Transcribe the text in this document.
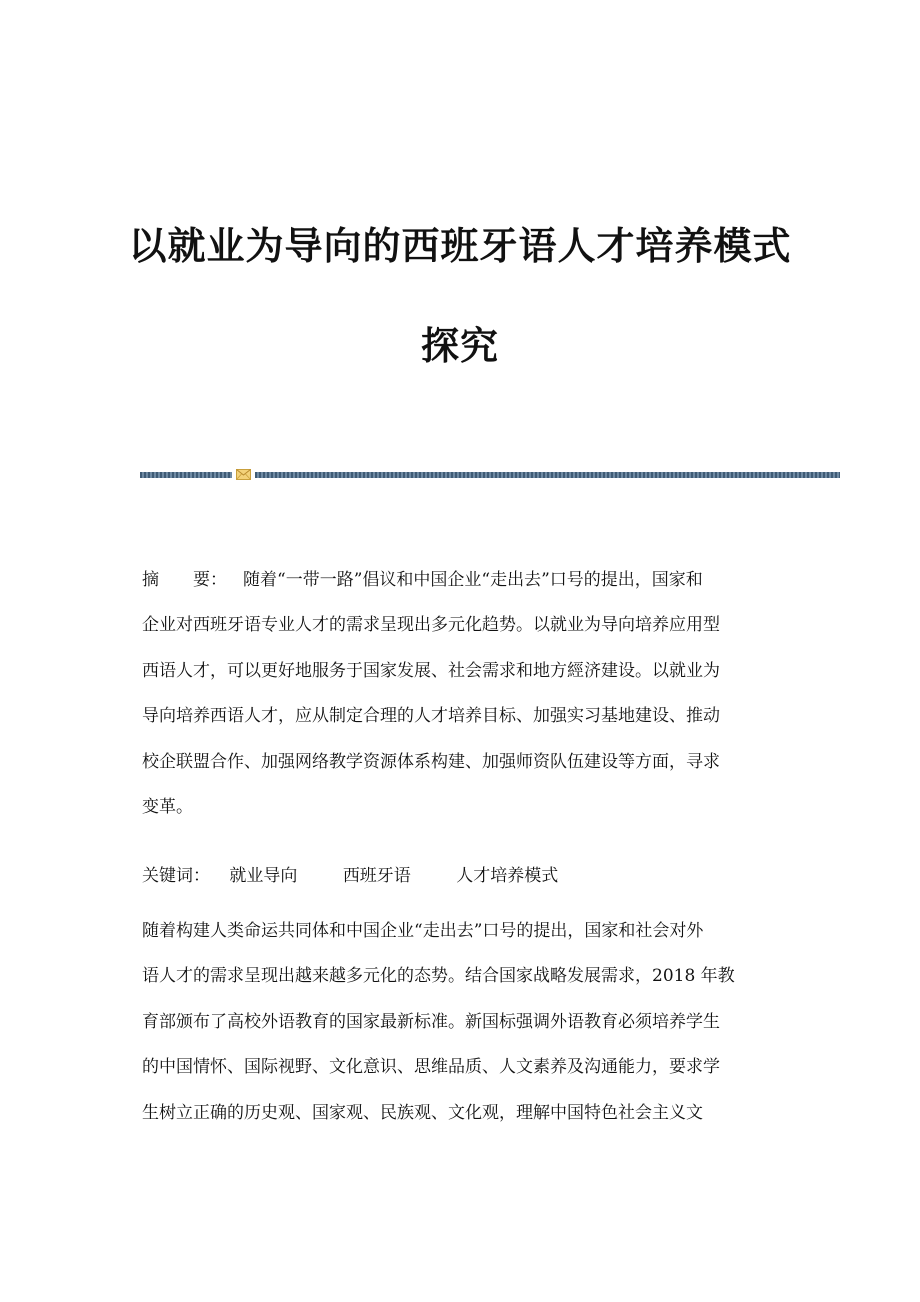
以就业为导向的西班牙语人才培养模式
探究
摘　　要： 随着“一带一路”倡议和中国企业“走出去”口号的提出，国家和
企业对西班牙语专业人才的需求呈现出多元化趋势。以就业为导向培养应用型
西语人才，可以更好地服务于国家发展、社会需求和地方經济建设。以就业为
导向培养西语人才，应从制定合理的人才培养目标、加强实习基地建设、推动
校企联盟合作、加强网络教学资源体系构建、加强师资队伍建设等方面，寻求
变革。
关键词： 就业导向	西班牙语	人才培养模式
随着构建人类命运共同体和中国企业“走出去”口号的提出，国家和社会对外
语人才的需求呈现出越来越多元化的态势。结合国家战略发展需求，2018 年教
育部颁布了高校外语教育的国家最新标准。新国标强调外语教育必须培养学生
的中国情怀、国际视野、文化意识、思维品质、人文素养及沟通能力，要求学
生树立正确的历史观、国家观、民族观、文化观，理解中国特色社会主义文
